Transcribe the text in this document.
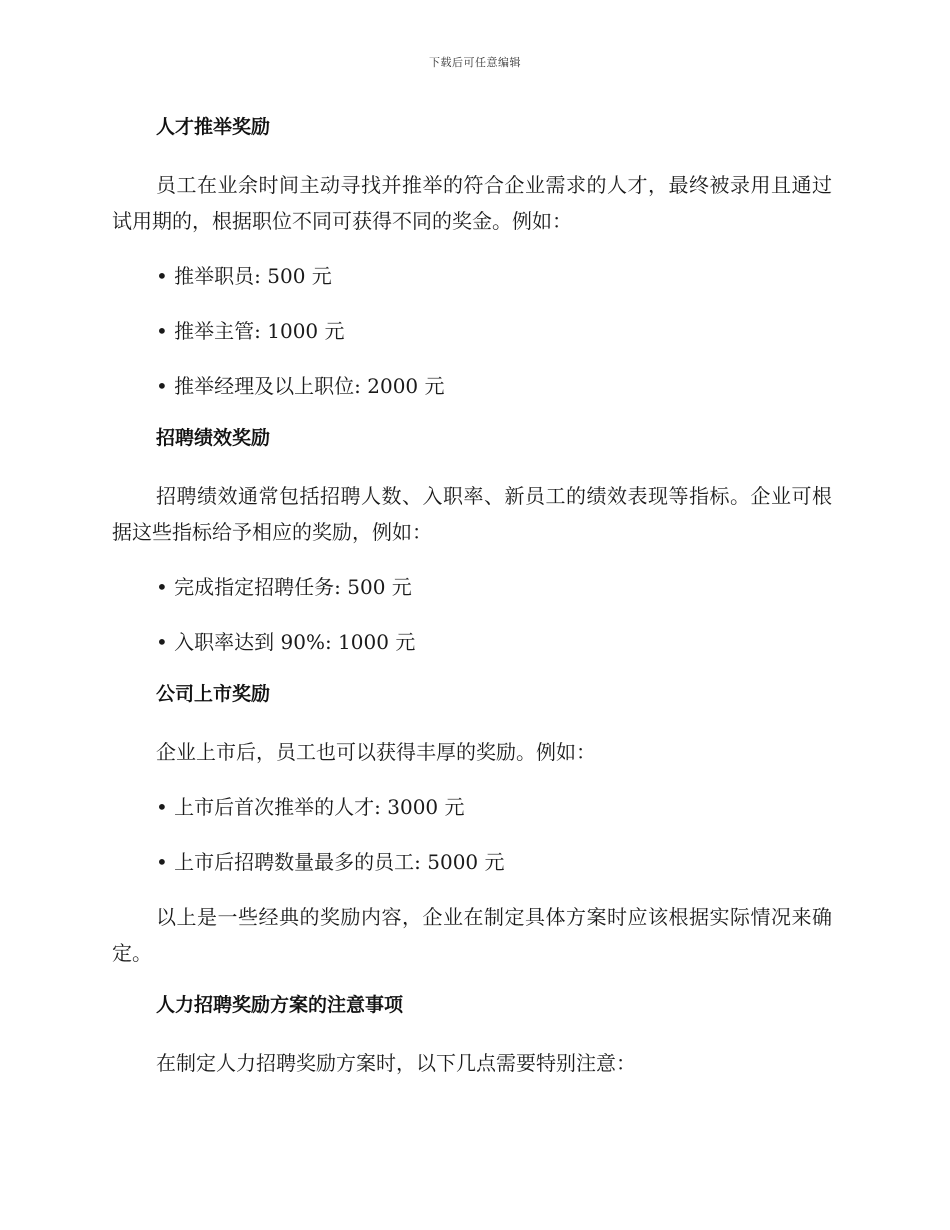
下载后可任意编辑
人才推举奖励
员工在业余时间主动寻找并推举的符合企业需求的人才，最终被录用且通过试用期的，根据职位不同可获得不同的奖金。例如：
• 推举职员: 500 元
• 推举主管: 1000 元
• 推举经理及以上职位: 2000 元
招聘绩效奖励
招聘绩效通常包括招聘人数、入职率、新员工的绩效表现等指标。企业可根据这些指标给予相应的奖励，例如：
• 完成指定招聘任务: 500 元
• 入职率达到 90%: 1000 元
公司上市奖励
企业上市后，员工也可以获得丰厚的奖励。例如：
• 上市后首次推举的人才: 3000 元
• 上市后招聘数量最多的员工: 5000 元
以上是一些经典的奖励内容，企业在制定具体方案时应该根据实际情况来确定。
人力招聘奖励方案的注意事项
在制定人力招聘奖励方案时，以下几点需要特别注意：
